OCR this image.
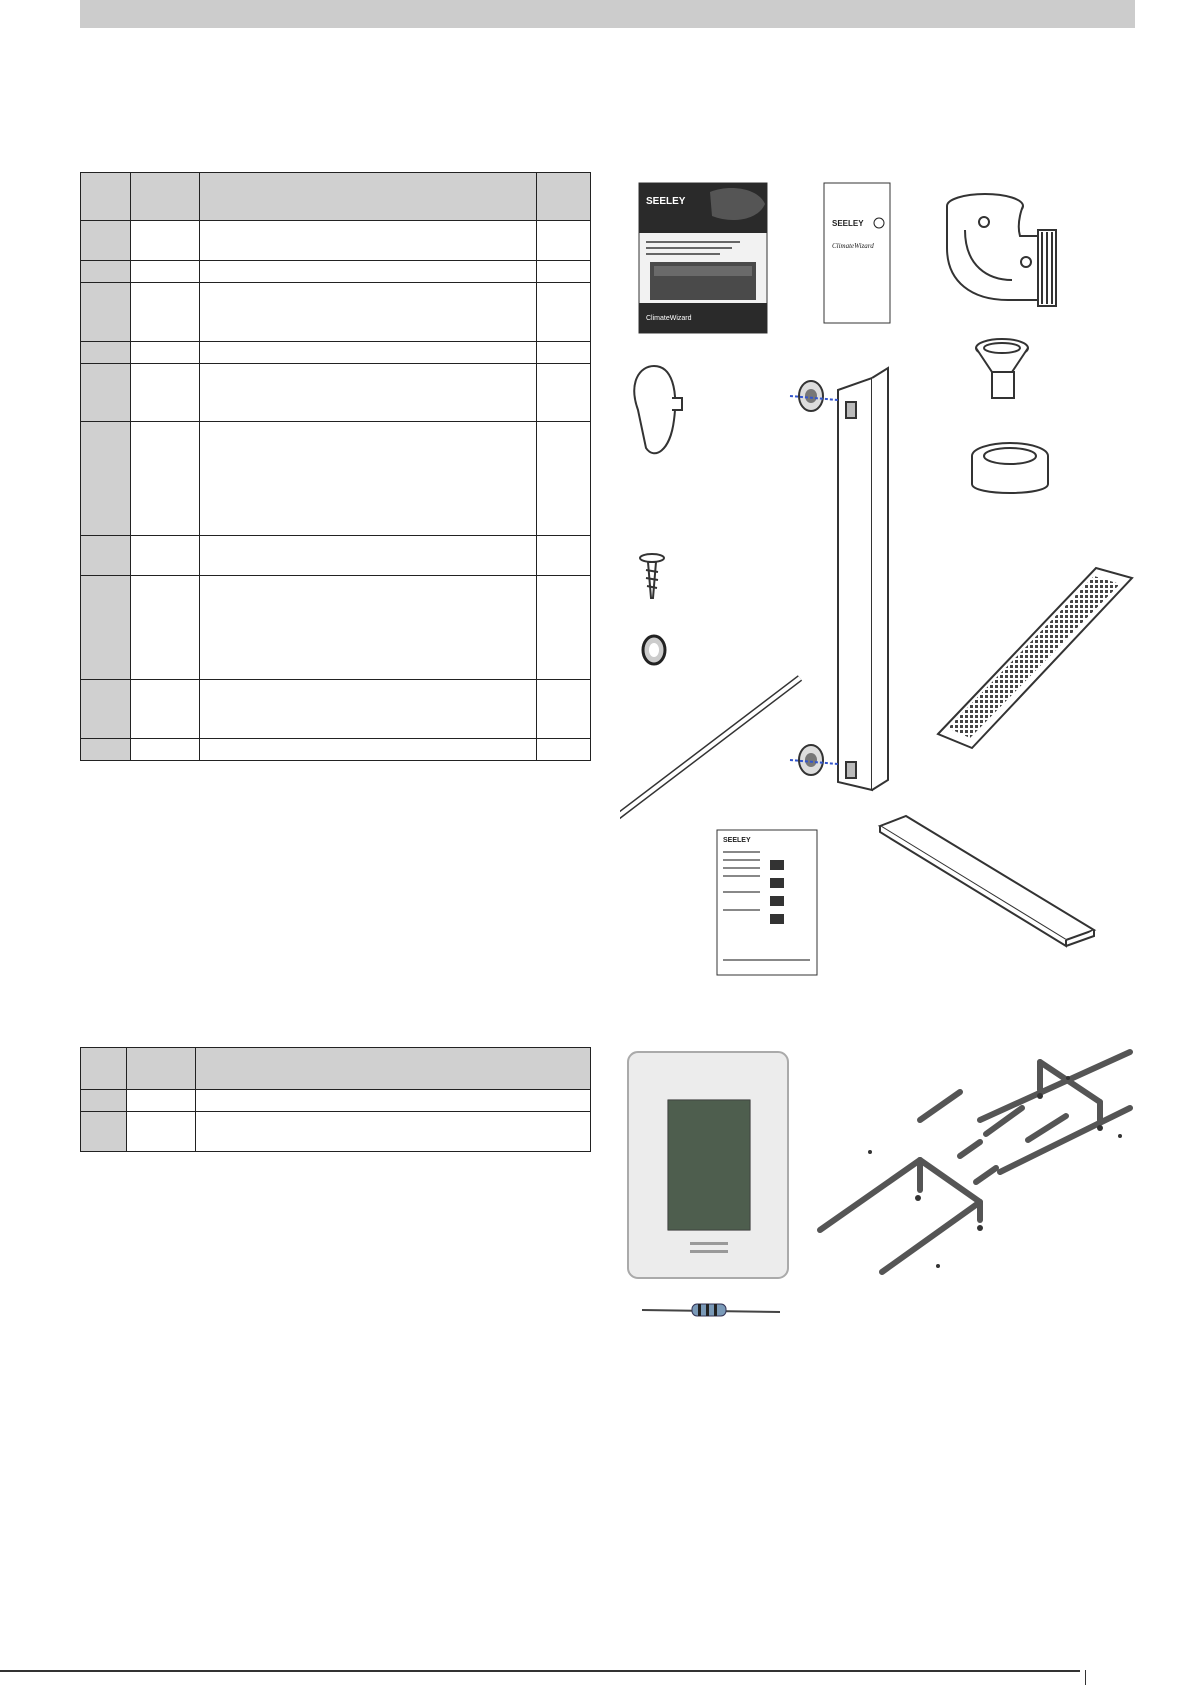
SEELEY
ClimateWizard
SEELEY
ClimateWizard
SEELEY
